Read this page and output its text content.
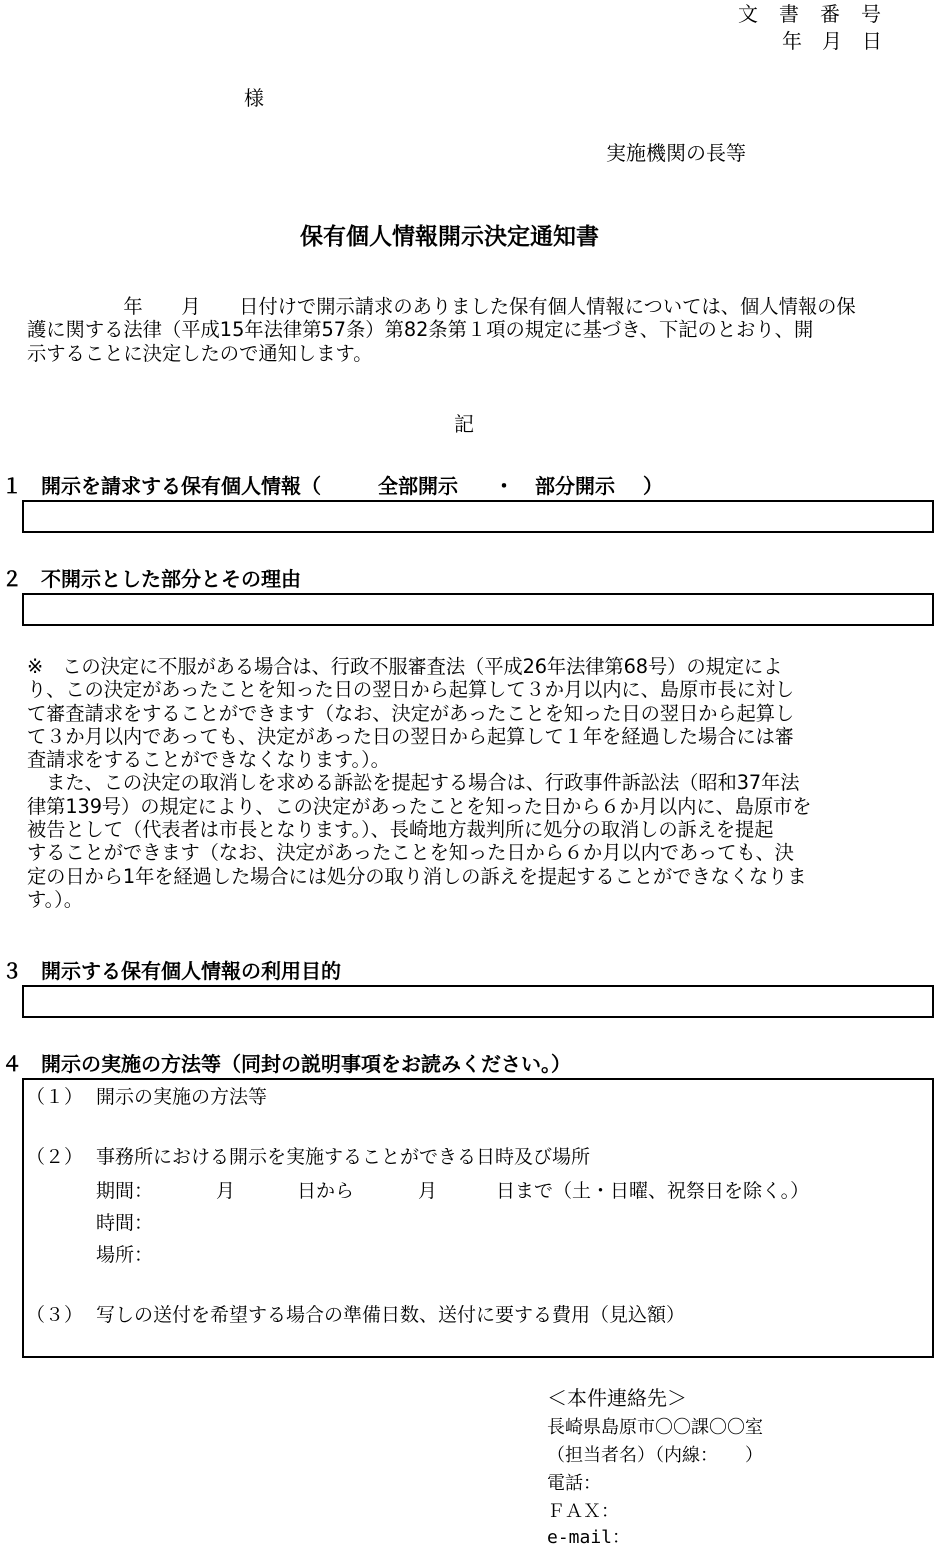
文　書　番　号
年　月　日
様
実施機関の長等
保有個人情報開示決定通知書
　　　　　年　　月　　日付けで開示請求のありました保有個人情報については、個人情報の保
護に関する法律（平成15年法律第57条）第82条第１項の規定に基づき、下記のとおり、開
示することに決定したので通知します。
記
１ 開示を請求する保有個人情報（	全部開示 ・ 部分開示 ）
２ 不開示とした部分とその理由
※　この決定に不服がある場合は、行政不服審査法（平成26年法律第68号）の規定によ
り、この決定があったことを知った日の翌日から起算して３か月以内に、島原市長に対し
て審査請求をすることができます（なお、決定があったことを知った日の翌日から起算し
て３か月以内であっても、決定があった日の翌日から起算して１年を経過した場合には審
査請求をすることができなくなります。）。
　また、この決定の取消しを求める訴訟を提起する場合は、行政事件訴訟法（昭和37年法
律第139号）の規定により、この決定があったことを知った日から６か月以内に、島原市を
被告として（代表者は市長となります。）、長崎地方裁判所に処分の取消しの訴えを提起
することができます（なお、決定があったことを知った日から６か月以内であっても、決
定の日から1年を経過した場合には処分の取り消しの訴えを提起することができなくなりま
す。）。
３ 開示する保有個人情報の利用目的
４ 開示の実施の方法等（同封の説明事項をお読みください。）
（１） 開示の実施の方法等
（２） 事務所における開示を実施することができる日時及び場所
期間：	月	日から	月	日まで（土・日曜、祝祭日を除く。）
時間：
場所：
（３） 写しの送付を希望する場合の準備日数、送付に要する費用（見込額）
＜本件連絡先＞
長崎県島原市〇〇課〇〇室
（担当者名）（内線：　　）
電話：
ＦＡＸ：
e-mail：
